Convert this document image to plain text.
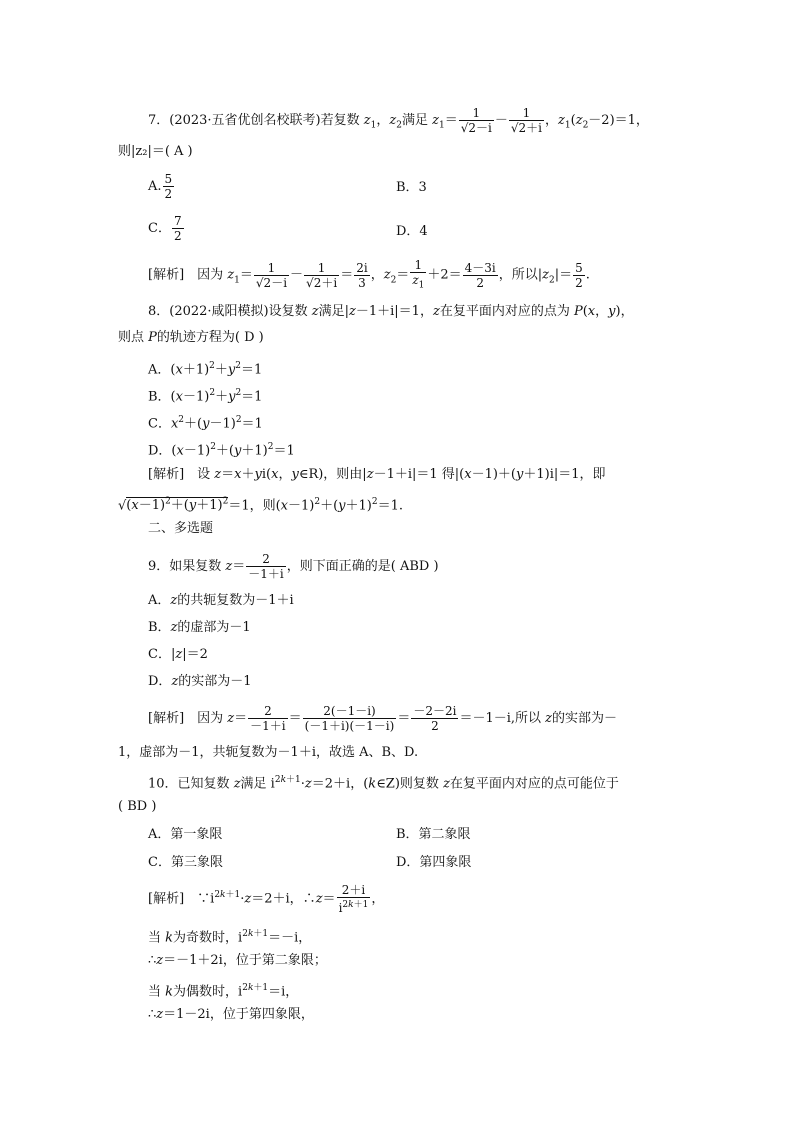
7．(2023·五省优创名校联考)若复数 $z_1$，$z_2$满足 $z_1= \frac{1}{√2-i} - \frac{1}{√2+i}$ ，$z_1(z_2-2)=1$，
则|z₂|＝( A )
A. $\frac{5}{2}$	B．3
C． $\frac{7}{2}$	D．4
[解析]　因为 $z_1= \frac{1}{√2-i} - \frac{1}{√2+i} = \frac{2i}{3}$ ，$z_2= \frac{1}{z_1} +2= \frac{4-3i}{2}$ ，所以$|z_2|= \frac{5}{2}$ .
8．(2022·咸阳模拟)设复数 z满足|z－1＋i|＝1，z在复平面内对应的点为 P(x，y)，
则点 P的轨迹方程为( D )
A．$(x+1)^2+y^2=1$
B．$(x-1)^2+y^2=1$
C．$x^2+(y-1)^2=1$
D．$(x-1)^2+(y+1)^2=1$
[解析]　设 z＝x＋yi(x，y∈R)，则由|z－1＋i|＝1 得|(x－1)＋(y＋1)i|＝1，即
$√(x-1)^2+(y+1)^2=1$，则$(x-1)^2+(y+1)^2=1$.
二、多选题
9．如果复数 $z= \frac{2}{-1+i}$ ，则下面正确的是( ABD )
A．z的共轭复数为－1＋i
B．z的虚部为－1
C．|z|＝2
D．z的实部为－1
[解析]　因为 $z= \frac{2}{-1+i} = \frac{2(-1-i)}{(-1+i)(-1-i)} = \frac{-2-2i}{2} =-1-i$,所以 z的实部为－
1，虚部为－1，共轭复数为－1＋i，故选 A、B、D.
10．已知复数 z满足 $i^{2k+1}\cdot z=2+i$，(k∈Z)则复数 z在复平面内对应的点可能位于
( BD )
A．第一象限	B．第二象限
C．第三象限	D．第四象限
[解析]　$\because i^{2k+1}\cdot z=2+i$，∴z＝ $\frac{2+i}{i^{2k+1}}$ ，
当 k为奇数时，$i^{2k+1}=-i$，
∴z＝－1＋2i，位于第二象限；
当 k为偶数时，$i^{2k+1}=i$，
∴z＝1－2i，位于第四象限，
